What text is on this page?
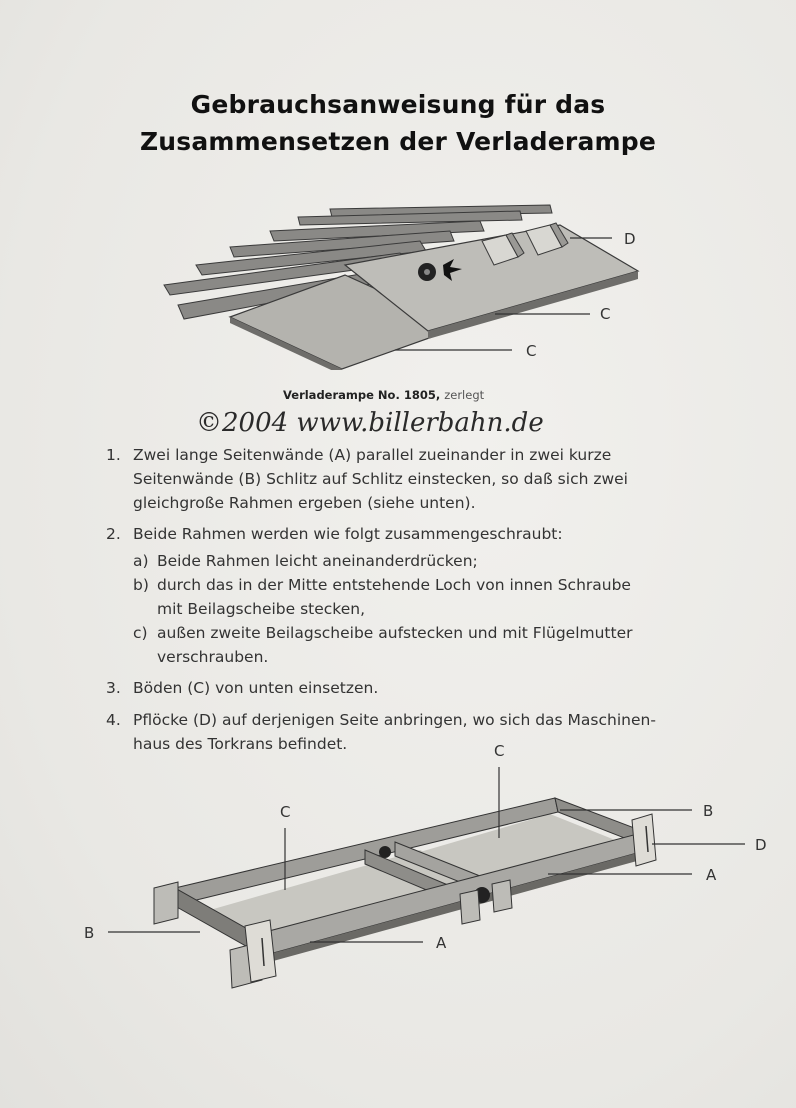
Gebrauchsanweisung für das
Zusammensetzen der Verladerampe
D
C
C
Verladerampe No. 1805, zerlegt
©2004 www.billerbahn.de
1. Zwei lange Seitenwände (A) parallel zueinander in zwei kurze
Seitenwände (B) Schlitz auf Schlitz einstecken, so daß sich zwei
gleichgroße Rahmen ergeben (siehe unten).
2. Beide Rahmen werden wie folgt zusammengeschraubt:
a) Beide Rahmen leicht aneinanderdrücken;
b) durch das in der Mitte entstehende Loch von innen Schraube
mit Beilagscheibe stecken,
c) außen zweite Beilagscheibe aufstecken und mit Flügelmutter
verschrauben.
3. Böden (C) von unten einsetzen.
4. Pflöcke (D) auf derjenigen Seite anbringen, wo sich das Maschinen-
haus des Torkrans befindet.	C
C	B
D
A
B
A
